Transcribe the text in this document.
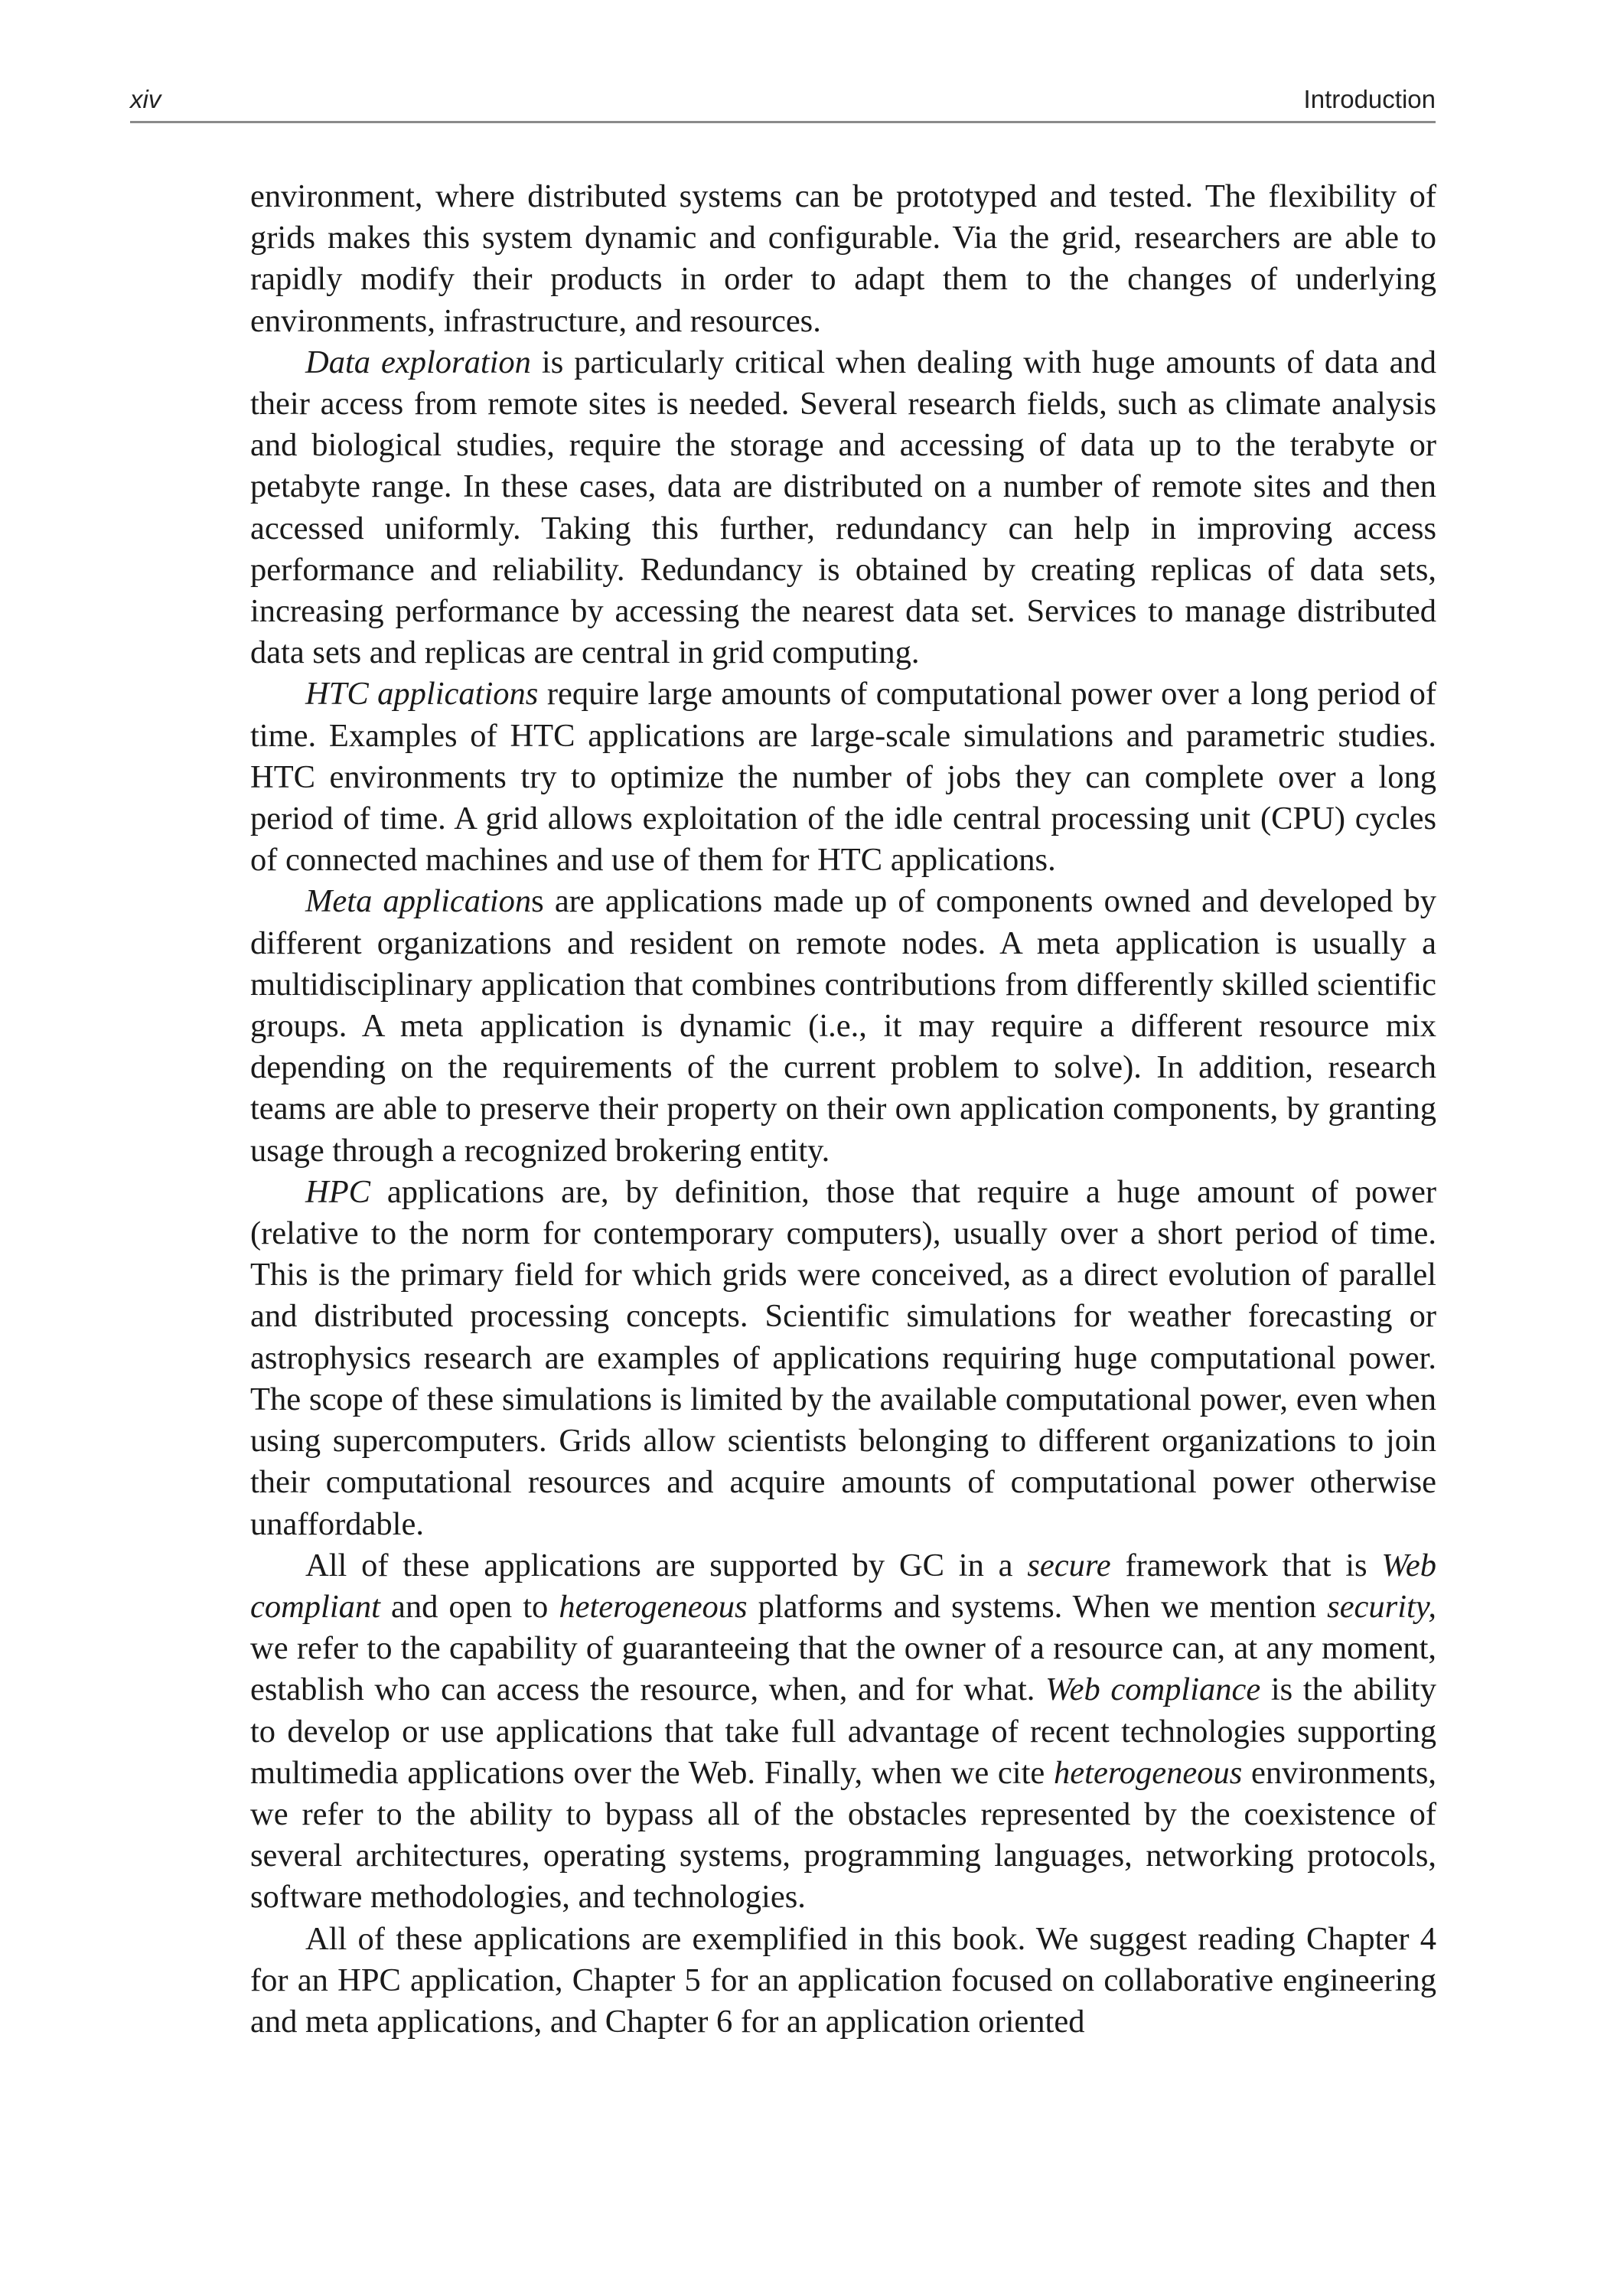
xiv	Introduction

environment, where distributed systems can be prototyped and tested. The flexibility of grids makes this system dynamic and configurable. Via the grid, researchers are able to rapidly modify their products in order to adapt them to the changes of underlying environments, infrastructure, and resources.

Data exploration is particularly critical when dealing with huge amounts of data and their access from remote sites is needed. Several research fields, such as climate analysis and biological studies, require the storage and accessing of data up to the terabyte or petabyte range. In these cases, data are distributed on a number of remote sites and then accessed uniformly. Taking this further, redundancy can help in improving access performance and reliability. Redundancy is obtained by creating replicas of data sets, increasing performance by accessing the nearest data set. Services to manage distributed data sets and replicas are central in grid computing.

HTC applications require large amounts of computational power over a long period of time. Examples of HTC applications are large-scale simulations and parametric studies. HTC environments try to optimize the number of jobs they can complete over a long period of time. A grid allows exploitation of the idle central processing unit (CPU) cycles of connected machines and use of them for HTC applications.

Meta applications are applications made up of components owned and developed by different organizations and resident on remote nodes. A meta application is usually a multidisciplinary application that combines contributions from differently skilled scientific groups. A meta application is dynamic (i.e., it may require a different resource mix depending on the requirements of the current problem to solve). In addition, research teams are able to preserve their property on their own application components, by granting usage through a recognized brokering entity.

HPC applications are, by definition, those that require a huge amount of power (relative to the norm for contemporary computers), usually over a short period of time. This is the primary field for which grids were conceived, as a direct evolution of parallel and distributed processing concepts. Scientific simulations for weather forecasting or astrophysics research are examples of applications requiring huge computational power. The scope of these simulations is limited by the available computational power, even when using supercomputers. Grids allow scientists belonging to different organizations to join their computational resources and acquire amounts of computational power otherwise unaffordable.

All of these applications are supported by GC in a secure framework that is Web compliant and open to heterogeneous platforms and systems. When we mention security, we refer to the capability of guaranteeing that the owner of a resource can, at any moment, establish who can access the resource, when, and for what. Web compliance is the ability to develop or use applications that take full advantage of recent technologies supporting multimedia applications over the Web. Finally, when we cite heterogeneous environments, we refer to the ability to bypass all of the obstacles represented by the coexistence of several architectures, operating systems, programming languages, networking protocols, software methodologies, and technologies.

All of these applications are exemplified in this book. We suggest reading Chapter 4 for an HPC application, Chapter 5 for an application focused on collaborative engineering and meta applications, and Chapter 6 for an application oriented
